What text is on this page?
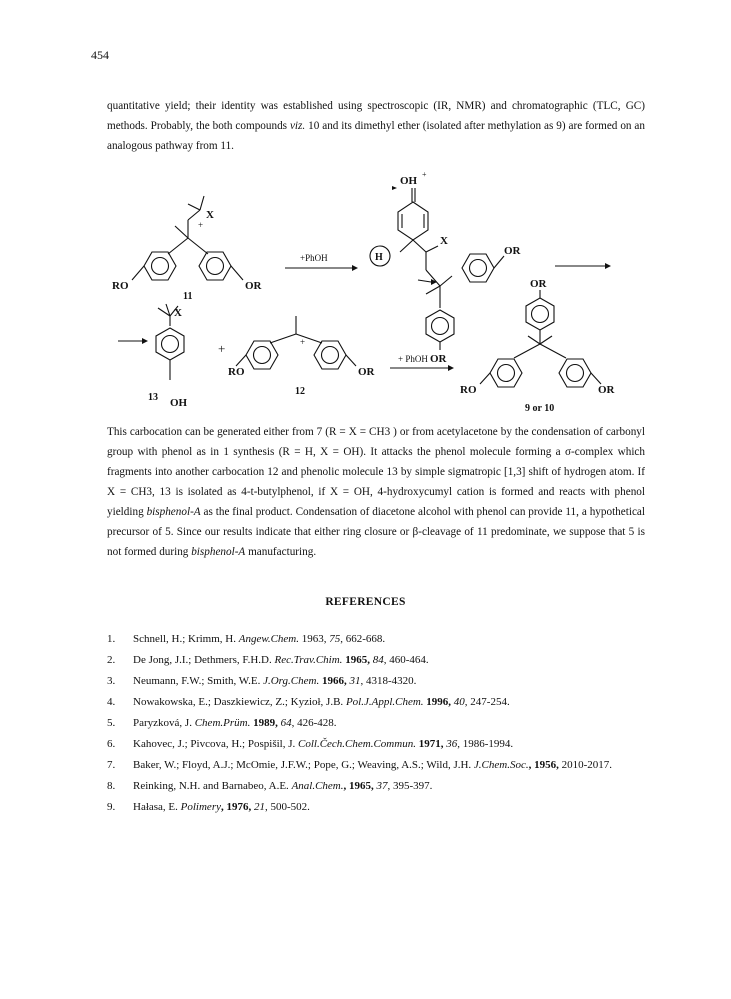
454

quantitative yield; their identity was established using spectroscopic (IR, NMR) and chromatographic (TLC, GC) methods. Probably, the both compounds viz. 10 and its dimethyl ether (isolated after methylation as 9) are formed on an analogous pathway from 11.

X
+
RO	OR
11
+PhOH
OH
+
H
X
OR
OR
OR
RO	OR
9 or 10
X
13 OH
+	+
RO	OR
12
+ PhOH

This carbocation can be generated either from 7 (R = X = CH3 ) or from acetylacetone by the condensation of carbonyl group with phenol as in 1 synthesis (R = H, X = OH). It attacks the phenol molecule forming a σ-complex which fragments into another carbocation 12 and phenolic molecule 13 by simple sigmatropic [1,3] shift of hydrogen atom. If X = CH3, 13 is isolated as 4-t-butylphenol, if X = OH, 4-hydroxycumyl cation is formed and reacts with phenol yielding bisphenol-A as the final product. Condensation of diacetone alcohol with phenol can provide 11, a hypothetical precursor of 5. Since our results indicate that either ring closure or β-cleavage of 11 predominate, we suppose that 5 is not formed during bisphenol-A manufacturing.

REFERENCES
1. Schnell, H.; Krimm, H. Angew.Chem. 1963, 75, 662-668.
2. De Jong, J.I.; Dethmers, F.H.D. Rec.Trav.Chim. 1965, 84, 460-464.
3. Neumann, F.W.; Smith, W.E. J.Org.Chem. 1966, 31, 4318-4320.
4. Nowakowska, E.; Daszkiewicz, Z.; Kyzioł, J.B. Pol.J.Appl.Chem. 1996, 40, 247-254.
5. Paryzková, J. Chem.Prüm. 1989, 64, 426-428.
6. Kahovec, J.; Pivcova, H.; Pospišil, J. Coll.Čech.Chem.Commun. 1971, 36, 1986-1994.
7. Baker, W.; Floyd, A.J.; McOmie, J.F.W.; Pope, G.; Weaving, A.S.; Wild, J.H. J.Chem.Soc., 1956, 2010-2017.
8. Reinking, N.H. and Barnabeo, A.E. Anal.Chem., 1965, 37, 395-397.
9. Hałasa, E. Polimery, 1976, 21, 500-502.
